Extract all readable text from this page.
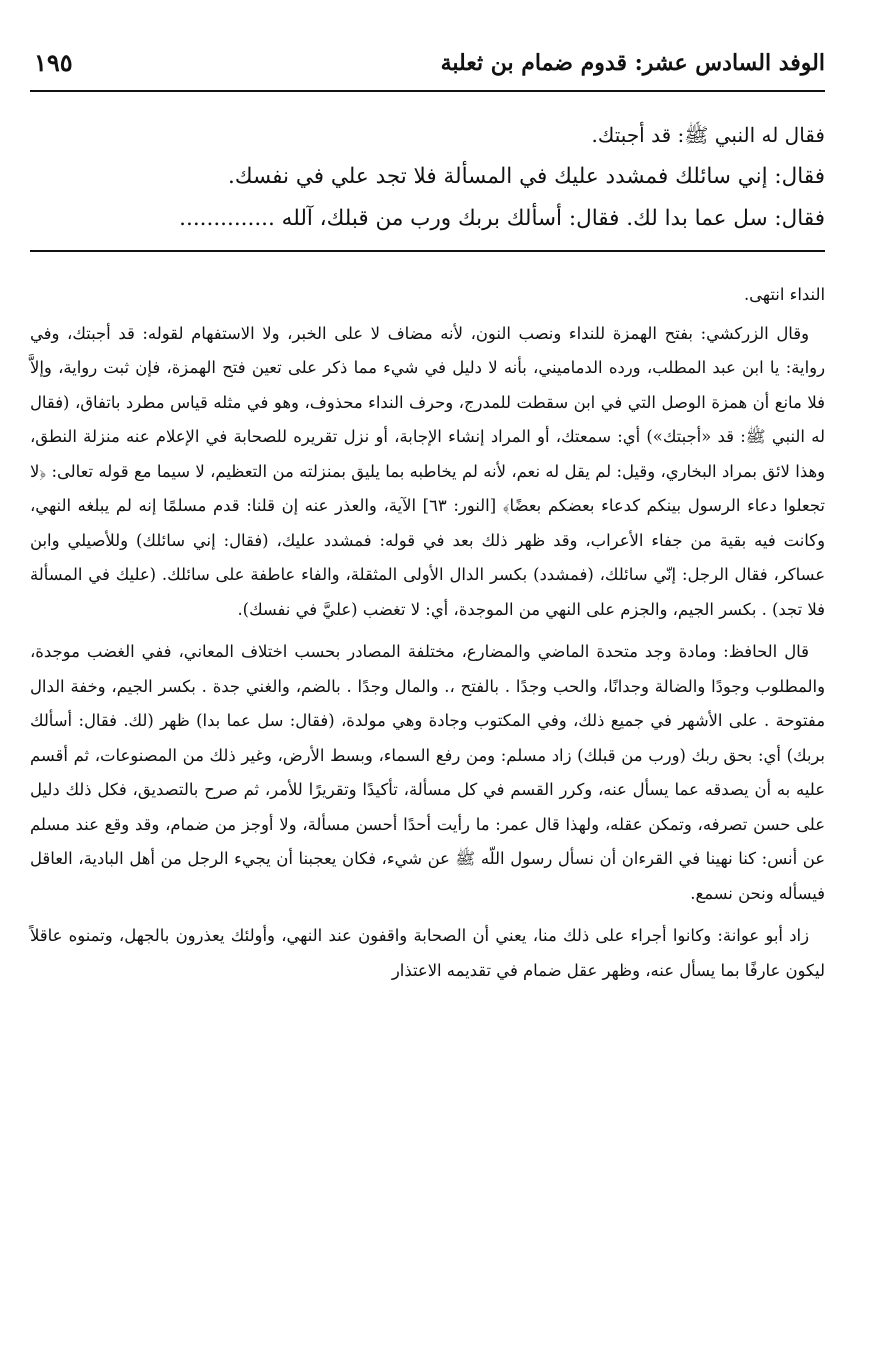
الوفد السادس عشر: قدوم ضمام بن ثعلبة
١٩٥

فقال له النبي ﷺ: قد أجبتك.

فقال: إني سائلك فمشدد عليك في المسألة فلا تجد علي في نفسك.

فقال: سل عما بدا لك. فقال: أسألك بربك ورب من قبلك، آلله ..............

النداء انتهى.

وقال الزركشي: بفتح الهمزة للنداء ونصب النون، لأنه مضاف لا على الخبر، ولا الاستفهام لقوله: قد أجبتك، وفي رواية: يا ابن عبد المطلب، ورده الدماميني، بأنه لا دليل في شيء مما ذكر على تعين فتح الهمزة، فإن ثبت رواية، وإلاَّ فلا مانع أن همزة الوصل التي في ابن سقطت للمدرج، وحرف النداء محذوف، وهو في مثله قياس مطرد باتفاق، (فقال له النبي ﷺ: قد «أجبتك») أي: سمعتك، أو المراد إنشاء الإجابة، أو نزل تقريره للصحابة في الإعلام عنه منزلة النطق، وهذا لائق بمراد البخاري، وقيل: لم يقل له نعم، لأنه لم يخاطبه بما يليق بمنزلته من التعظيم، لا سيما مع قوله تعالى: ﴿لا تجعلوا دعاء الرسول بينكم كدعاء بعضكم بعضًا﴾ [النور: ٦٣] الآية، والعذر عنه إن قلنا: قدم مسلمًا إنه لم يبلغه النهي، وكانت فيه بقية من جفاء الأعراب، وقد ظهر ذلك بعد في قوله: فمشدد عليك، (فقال: إني سائلك) وللأصيلي وابن عساكر، فقال الرجل: إنّي سائلك، (فمشدد) بكسر الدال الأولى المثقلة، والفاء عاطفة على سائلك. (عليك في المسألة فلا تجد) . بكسر الجيم، والجزم على النهي من الموجدة، أي: لا تغضب (عليَّ في نفسك).

قال الحافظ: ومادة وجد متحدة الماضي والمضارع، مختلفة المصادر بحسب اختلاف المعاني، ففي الغضب موجدة، والمطلوب وجودًا والضالة وجدانًا، والحب وجدًا . بالفتح ،. والمال وجدًا . بالضم، والغني جدة . بكسر الجيم، وخفة الدال مفتوحة . على الأشهر في جميع ذلك، وفي المكتوب وجادة وهي مولدة، (فقال: سل عما بدا) ظهر (لك. فقال: أسألك بربك) أي: بحق ربك (ورب من قبلك) زاد مسلم: ومن رفع السماء، وبسط الأرض، وغير ذلك من المصنوعات، ثم أقسم عليه به أن يصدقه عما يسأل عنه، وكرر القسم في كل مسألة، تأكيدًا وتقريرًا للأمر، ثم صرح بالتصديق، فكل ذلك دليل على حسن تصرفه، وتمكن عقله، ولهذا قال عمر: ما رأيت أحدًا أحسن مسألة، ولا أوجز من ضمام، وقد وقع عند مسلم عن أنس: كنا نهينا في القرءان أن نسأل رسول اللّه ﷺ عن شيء، فكان يعجبنا أن يجيء الرجل من أهل البادية، العاقل فيسأله ونحن نسمع.

زاد أبو عوانة: وكانوا أجراء على ذلك منا، يعني أن الصحابة واقفون عند النهي، وأولئك يعذرون بالجهل، وتمنوه عاقلاً ليكون عارفًا بما يسأل عنه، وظهر عقل ضمام في تقديمه الاعتذار
